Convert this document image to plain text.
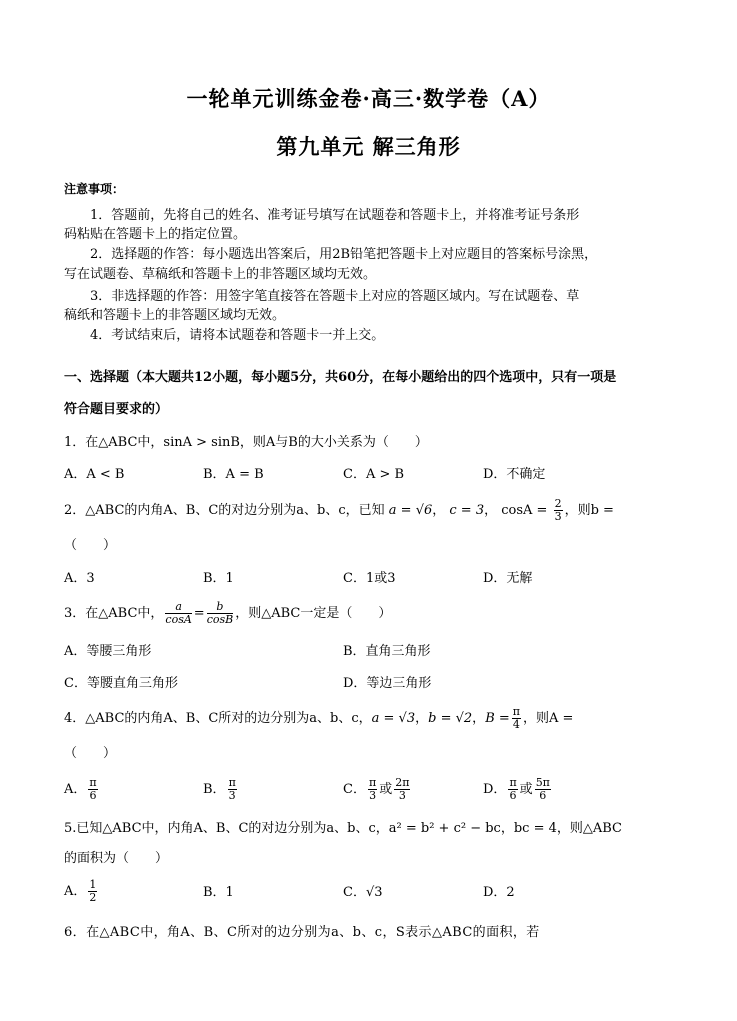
一轮单元训练金卷·高三·数学卷（A）
第九单元 解三角形
注意事项：
1．答题前，先将自己的姓名、准考证号填写在试题卷和答题卡上，并将准考证号条形
码粘贴在答题卡上的指定位置。
2．选择题的作答：每小题选出答案后，用2B铅笔把答题卡上对应题目的答案标号涂黑，
写在试题卷、草稿纸和答题卡上的非答题区域均无效。
3．非选择题的作答：用签字笔直接答在答题卡上对应的答题区域内。写在试题卷、草
稿纸和答题卡上的非答题区域均无效。
4．考试结束后，请将本试题卷和答题卡一并上交。
一、选择题（本大题共12小题，每小题5分，共60分，在每小题给出的四个选项中，只有一项是
符合题目要求的）
1．在△ABC中，sinA > sinB，则A与B的大小关系为（　　）
A．A < B	B．A = B	C．A > B	D．不确定
2．△ABC的内角A、B、C的对边分别为a、b、c，已知 a = √6， c = 3， $\cos A = \frac{2}{3}$ ，则b =
（　　）
A．3	B．1	C．1或3	D．无解
3．在△ABC中， $\frac{a}{\cos A} = \frac{b}{\cos B}$ ，则△ABC一定是（　　）
A．等腰三角形	B．直角三角形
C．等腰直角三角形	D．等边三角形
4．△ABC的内角A、B、C所对的边分别为a、b、c，a = √3，b = √2，$B = \frac{\pi}{4}$ ，则A =
（　　）
A． $\frac{\pi}{6}$	B． $\frac{\pi}{3}$	C． $\frac{\pi}{3}$ 或 $\frac{2\pi}{3}$	D． $\frac{\pi}{6}$ 或 $\frac{5\pi}{6}$
5.已知△ABC中，内角A、B、C的对边分别为a、b、c，a² = b² + c² − bc，bc = 4，则△ABC
的面积为（　　）
A． $\frac{1}{2}$	B．1	C．√3	D．2
6．在△ABC中，角A、B、C所对的边分别为a、b、c，S表示△ABC的面积，若
